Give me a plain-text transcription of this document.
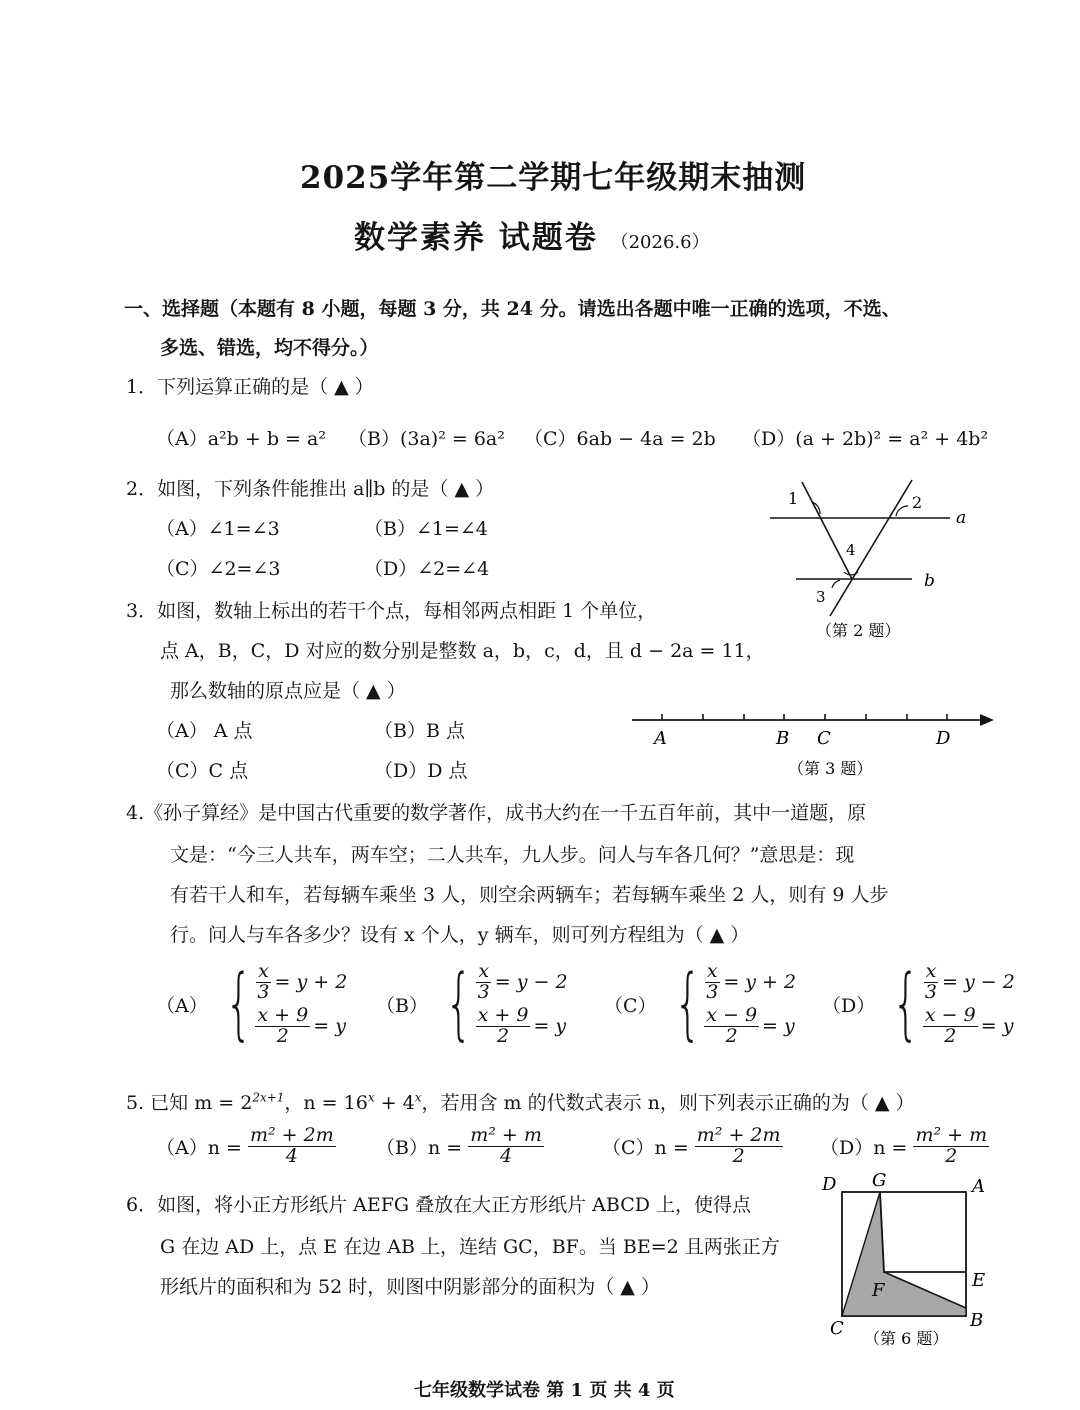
2025学年第二学期七年级期末抽测
数学素养 试题卷 （2026.6）
一、选择题（本题有 8 小题，每题 3 分，共 24 分。请选出各题中唯一正确的选项，不选、
多选、错选，均不得分。）
1．下列运算正确的是（ ▲ ）
（A）a²b + b = a² （B）(3a)² = 6a² （C）6ab − 4a = 2b （D）(a + 2b)² = a² + 4b²
2．如图，下列条件能推出 a∥b 的是（ ▲ ）
（A）∠1=∠3	（B）∠1=∠4
（C）∠2=∠3	（D）∠2=∠4
1	2
a
4
b
3
（第 2 题）
3．如图，数轴上标出的若干个点，每相邻两点相距 1 个单位，
点 A，B，C，D 对应的数分别是整数 a，b，c，d，且 d − 2a = 11，
那么数轴的原点应是（ ▲ ）
（A） A 点	（B）B 点
（C）C 点	（D）D 点
A	B C	D
（第 3 题）
4.《孙子算经》是中国古代重要的数学著作，成书大约在一千五百年前，其中一道题，原
文是：“今三人共车，两车空；二人共车，九人步。问人与车各几何？”意思是：现
有若干人和车，若每辆车乘坐 3 人，则空余两辆车；若每辆车乘坐 2 人，则有 9 人步
行。问人与车各多少？设有 x 个人，y 辆车，则可列方程组为（ ▲ ）
（A） { $\frac{x}{3} = y + 2$
$\frac{x + 9}{2} = y$
（B） { $\frac{x}{3} = y - 2$
$\frac{x + 9}{2} = y$
（C） { $\frac{x}{3} = y + 2$
$\frac{x - 9}{2} = y$
（D） { $\frac{x}{3} = y - 2$
$\frac{x - 9}{2} = y$
5. 已知 $m = 2^{2x+1}$，$n = 16^x + 4^x$，若用含 m 的代数式表示 n，则下列表示正确的为（ ▲ ）
$(A)n = \frac{\text{m² + 2m}}{4} (B)n = \frac{\text{m² + m}}{4}$	$(C)n = \frac{\text{m² + 2m}}{2} (D)n = \frac{\text{m² + m}}{2}$
6．如图，将小正方形纸片 AEFG 叠放在大正方形纸片 ABCD 上，使得点
G 在边 AD 上，点 E 在边 AB 上，连结 GC，BF。当 BE=2 且两张正方
形纸片的面积和为 52 时，则图中阴影部分的面积为（ ▲ ）
D G	A
E
F
C	B
（第 6 题）
七年级数学试卷 第 1 页 共 4 页
